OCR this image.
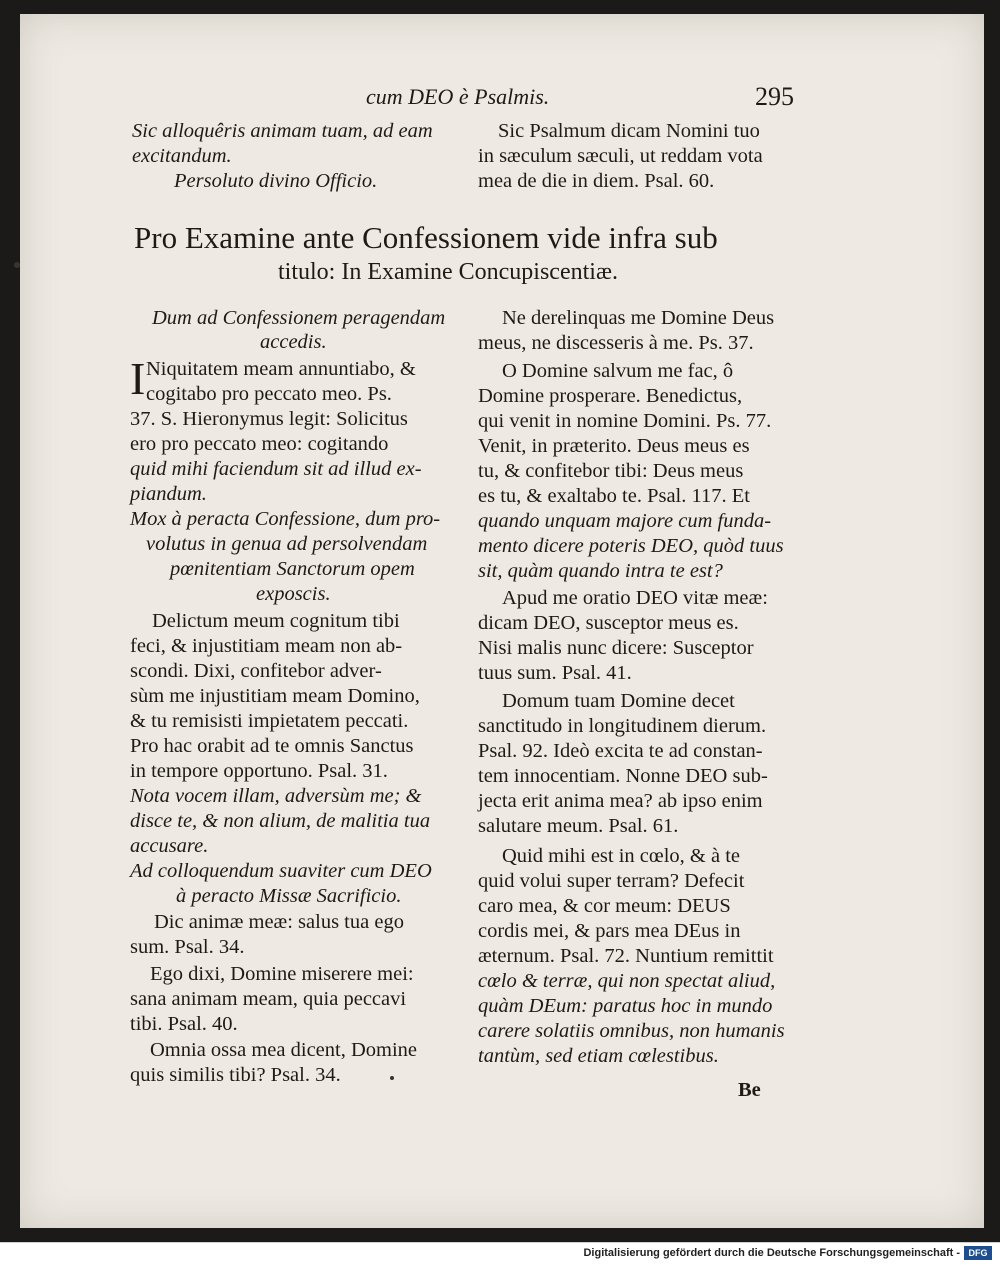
cum DEO è Psalmis.	295
Sic alloquêris animam tuam, ad eam
excitandum.
Persoluto divino Officio.
Sic Psalmum dicam Nomini tuo
in sæculum sæculi, ut reddam vota
mea de die in diem. Psal. 60.
Pro Examine ante Confessionem vide infra sub
titulo: In Examine Concupiscentiæ.
Dum ad Confessionem peragendam
accedis.
I Niquitatem meam annuntiabo, &
cogitabo pro peccato meo. Ps.
37. S. Hieronymus legit: Solicitus
ero pro peccato meo: cogitando
quid mihi faciendum sit ad illud ex-
piandum.
Mox à peracta Confessione, dum pro-
volutus in genua ad persolvendam
pœnitentiam Sanctorum opem
exposcis.
Delictum meum cognitum tibi
feci, & injustitiam meam non ab-
scondi. Dixi, confitebor adver-
sùm me injustitiam meam Domino,
& tu remisisti impietatem peccati.
Pro hac orabit ad te omnis Sanctus
in tempore opportuno. Psal. 31.
Nota vocem illam, adversùm me; &
disce te, & non alium, de malitia tua
accusare.
Ad colloquendum suaviter cum DEO
à peracto Missæ Sacrificio.
Dic animæ meæ: salus tua ego
sum. Psal. 34.
Ego dixi, Domine miserere mei:
sana animam meam, quia peccavi
tibi. Psal. 40.
Omnia ossa mea dicent, Domine
quis similis tibi? Psal. 34.
Ne derelinquas me Domine Deus
meus, ne discesseris à me. Ps. 37.
O Domine salvum me fac, ô
Domine prosperare. Benedictus,
qui venit in nomine Domini. Ps. 77.
Venit, in præterito. Deus meus es
tu, & confitebor tibi: Deus meus
es tu, & exaltabo te. Psal. 117. Et
quando unquam majore cum funda-
mento dicere poteris DEO, quòd tuus
sit, quàm quando intra te est?
Apud me oratio DEO vitæ meæ:
dicam DEO, susceptor meus es.
Nisi malis nunc dicere: Susceptor
tuus sum. Psal. 41.
Domum tuam Domine decet
sanctitudo in longitudinem dierum.
Psal. 92. Ideò excita te ad constan-
tem innocentiam. Nonne DEO sub-
jecta erit anima mea? ab ipso enim
salutare meum. Psal. 61.
Quid mihi est in cœlo, & à te
quid volui super terram? Defecit
caro mea, & cor meum: DEUS
cordis mei, & pars mea DEus in
æternum. Psal. 72. Nuntium remittit
cœlo & terræ, qui non spectat aliud,
quàm DEum: paratus hoc in mundo
carere solatiis omnibus, non humanis
tantùm, sed etiam cœlestibus.
Be
Digitalisierung gefördert durch die Deutsche Forschungsgemeinschaft - DFG
